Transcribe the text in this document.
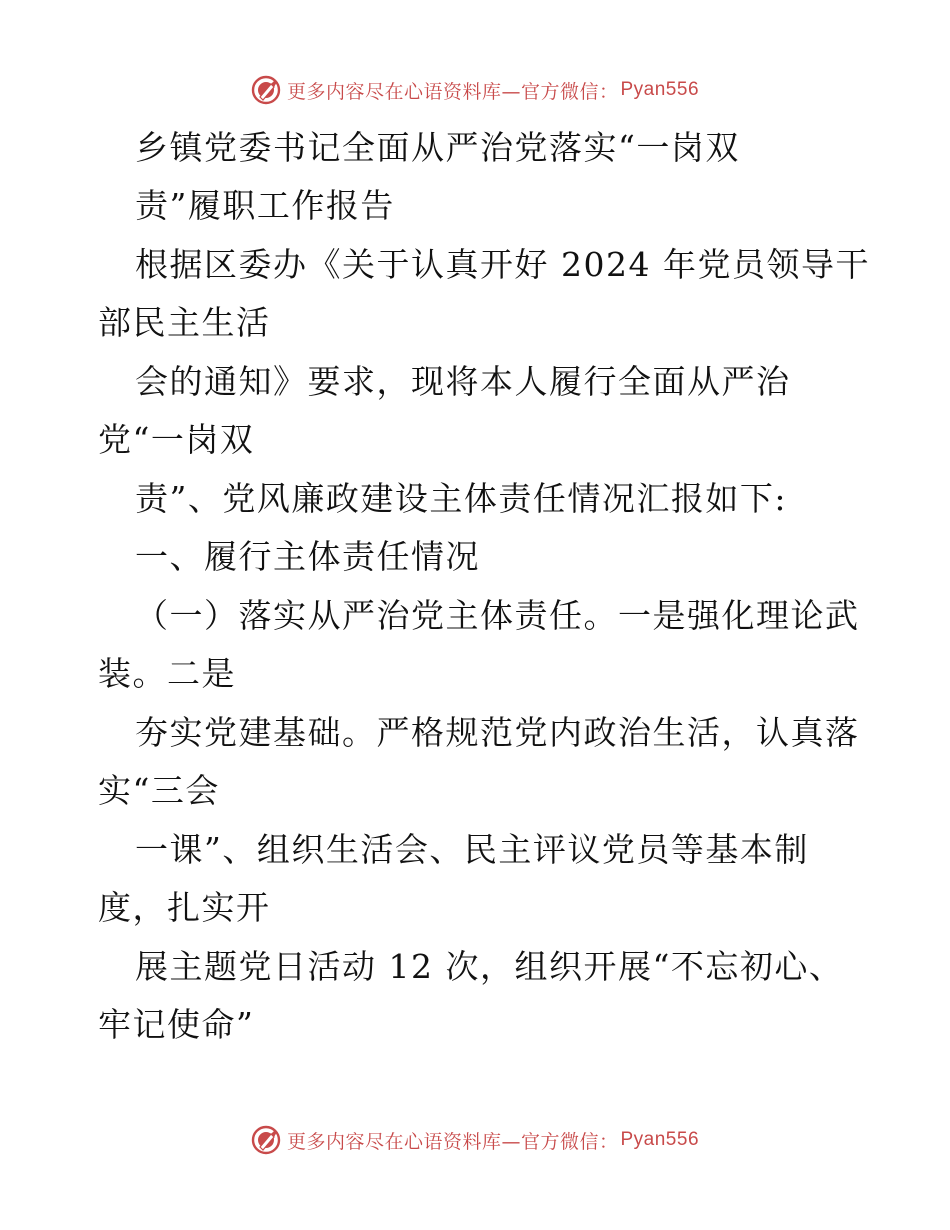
更多内容尽在心语资料库—官方微信： Pyan556
乡镇党委书记全面从严治党落实“一岗双
责”履职工作报告
根据区委办《关于认真开好 2024 年党员领导干
部民主生活
会的通知》要求，现将本人履行全面从严治
党“一岗双
责”、党风廉政建设主体责任情况汇报如下:
一、履行主体责任情况
（一）落实从严治党主体责任。一是强化理论武
装。二是
夯实党建基础。严格规范党内政治生活，认真落
实“三会
一课”、组织生活会、民主评议党员等基本制
度，扎实开
展主题党日活动 12 次，组织开展“不忘初心、
牢记使命”
更多内容尽在心语资料库—官方微信： Pyan556
